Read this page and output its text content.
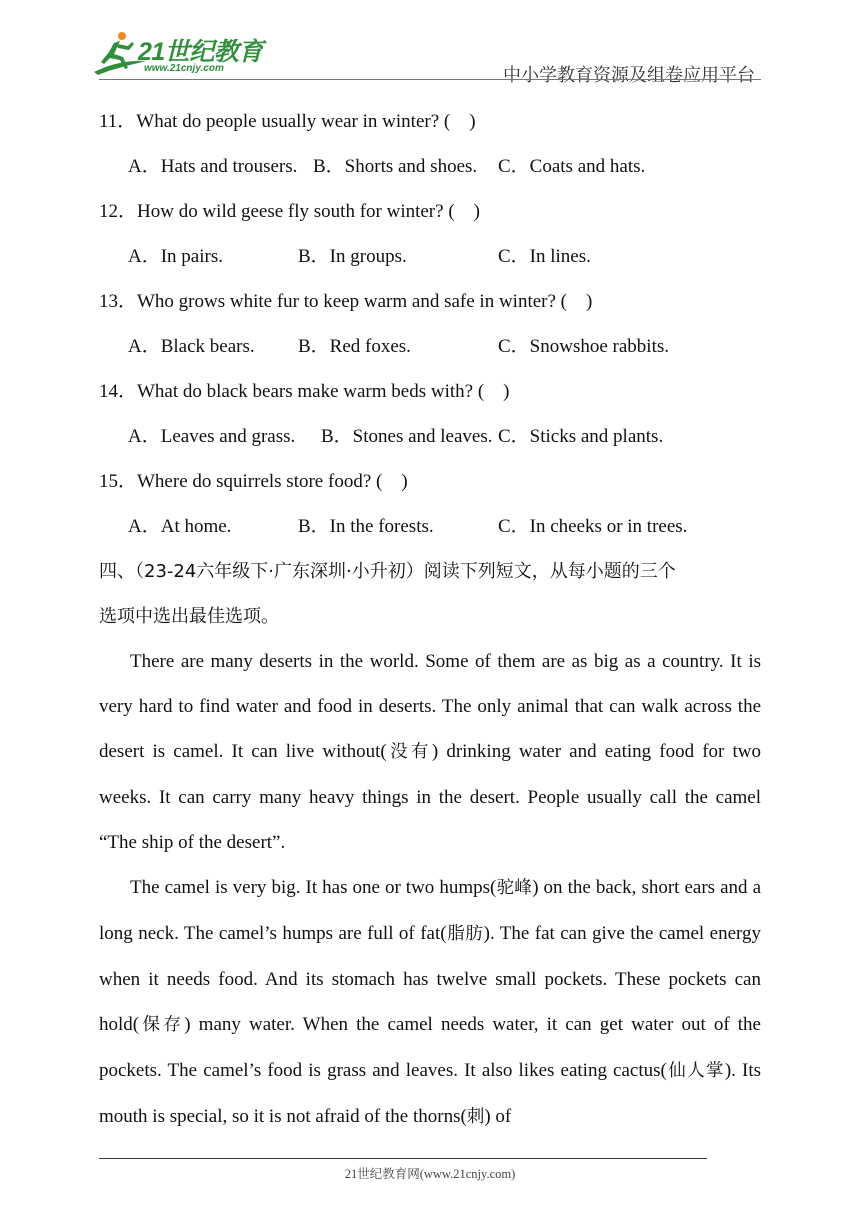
21世纪教育
www.21cnjy.com	中小学教育资源及组卷应用平台
11．What do people usually wear in winter? (　)
A．Hats and trousers. B．Shorts and shoes. C．Coats and hats.
12．How do wild geese fly south for winter? (　)
A．In pairs.	B．In groups.	C．In lines.
13．Who grows white fur to keep warm and safe in winter? (　)
A．Black bears. B．Red foxes.	C．Snowshoe rabbits.
14．What do black bears make warm beds with? (　)
A．Leaves and grass. B．Stones and leaves. C．Sticks and plants.
15．Where do squirrels store food? (　)
A．At home.	B．In the forests.	C．In cheeks or in trees.
四、（23-24六年级下·广东深圳·小升初）阅读下列短文，从每小题的三个
选项中选出最佳选项。

There are many deserts in the world. Some of them are as big as a country. It is very hard to find water and food in deserts. The only animal that can walk across the desert is camel. It can live without(没有) drinking water and eating food for two weeks. It can carry many heavy things in the desert. People usually call the camel “The ship of the desert”.

The camel is very big. It has one or two humps(驼峰) on the back, short ears and a long neck. The camel’s humps are full of fat(脂肪). The fat can give the camel energy when it needs food. And its stomach has twelve small pockets. These pockets can hold(保存) many water. When the camel needs water, it can get water out of the pockets. The camel’s food is grass and leaves. It also likes eating cactus(仙人掌). Its mouth is special, so it is not afraid of the thorns(刺) of

21世纪教育网(www.21cnjy.com)
